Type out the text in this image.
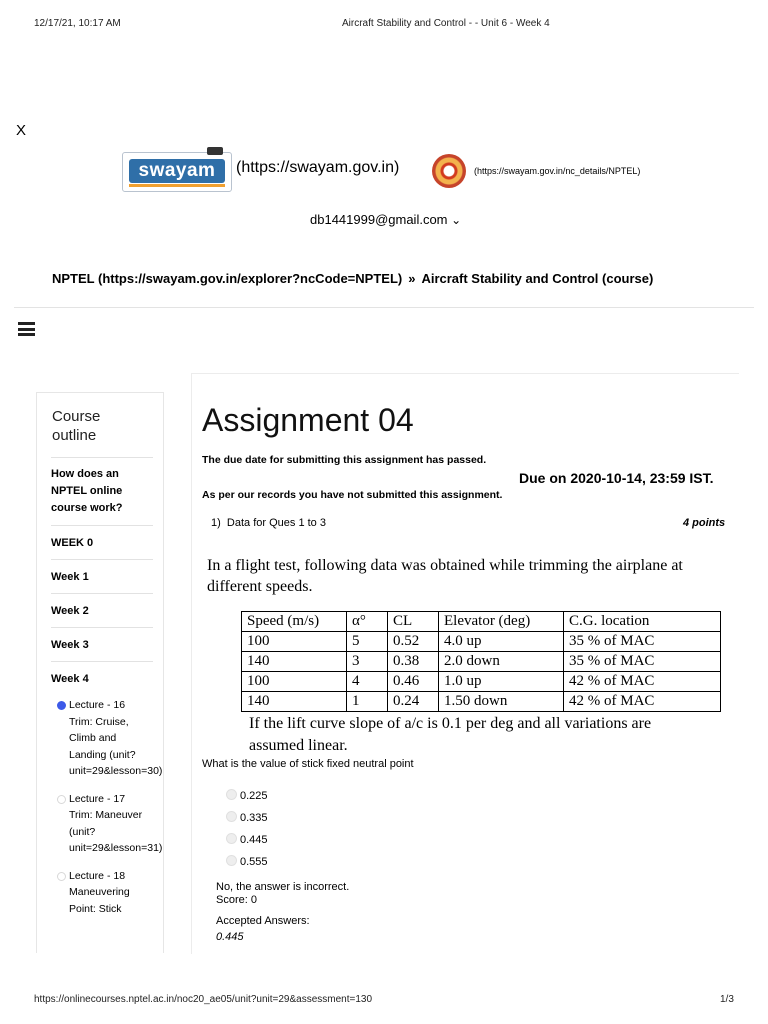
12/17/21, 10:17 AM	Aircraft Stability and Control - - Unit 6 - Week 4
X
swayam	(https://swayam.gov.in)	(https://swayam.gov.in/nc_details/NPTEL)
db1441999@gmail.com ⌄
NPTEL (https://swayam.gov.in/explorer?ncCode=NPTEL) » Aircraft Stability and Control (course)
Course
outline
How does an
NPTEL online
course work?
WEEK 0
Week 1
Week 2
Week 3
Week 4
Lecture - 16
Trim: Cruise,
Climb and
Landing (unit?
unit=29&lesson=30)
Lecture - 17
Trim: Maneuver
(unit?
unit=29&lesson=31)
Lecture - 18
Maneuvering
Point: Stick
Assignment 04
The due date for submitting this assignment has passed.
Due on 2020-10-14, 23:59 IST.
As per our records you have not submitted this assignment.
1) Data for Ques 1 to 3	4 points
In a flight test, following data was obtained while trimming the airplane at
different speeds.
Speed (m/s)	α°	CL	Elevator (deg)	C.G. location
100	5	0.52	4.0 up	35 % of MAC
140	3	0.38	2.0 down	35 % of MAC
100	4	0.46	1.0 up	42 % of MAC
140	1	0.24	1.50 down	42 % of MAC
If the lift curve slope of a/c is 0.1 per deg and all variations are
assumed linear.
What is the value of stick fixed neutral point
0.225
0.335
0.445
0.555
No, the answer is incorrect.
Score: 0
Accepted Answers:
0.445
https://onlinecourses.nptel.ac.in/noc20_ae05/unit?unit=29&assessment=130	1/3
